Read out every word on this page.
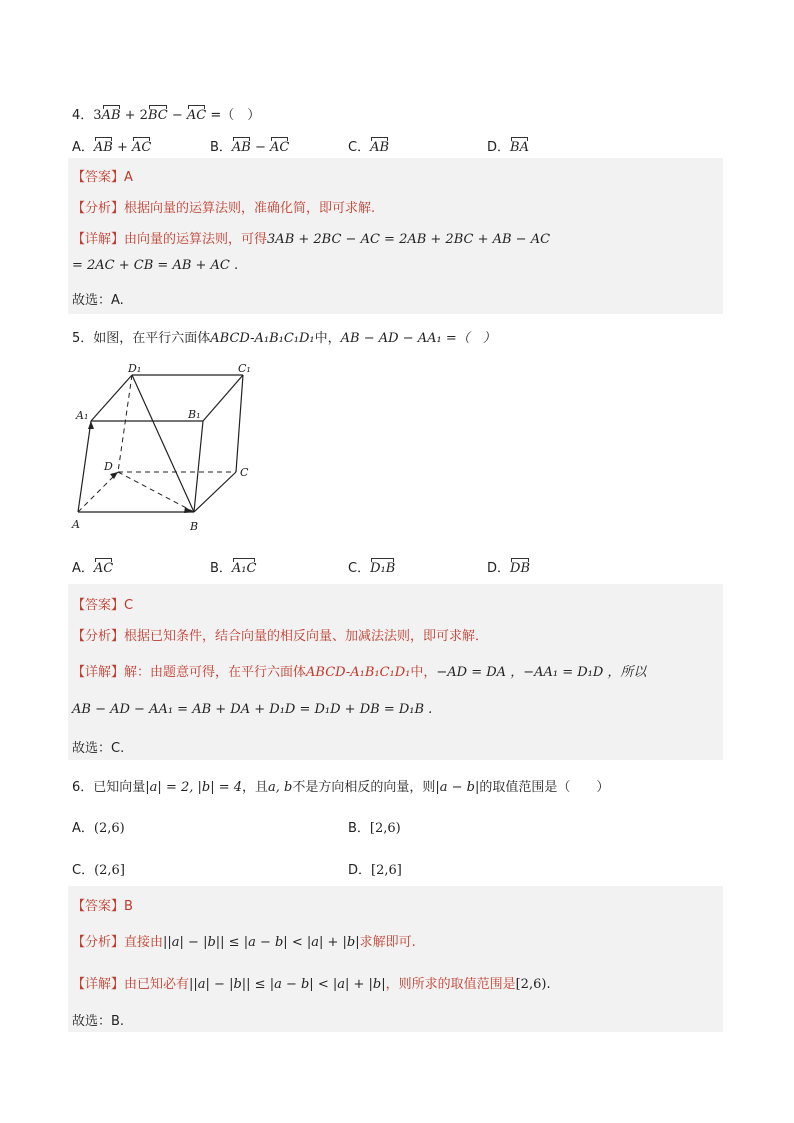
4．3AB + 2BC − AC =（　）
A．AB + AC	B．AB − AC	C．AB	D．BA
【答案】A
【分析】根据向量的运算法则，准确化简，即可求解.
【详解】由向量的运算法则，可得3AB + 2BC − AC = 2AB + 2BC + AB − AC
= 2AC + CB = AB + AC .
故选：A.
5．如图，在平行六面体ABCD-A₁B₁C₁D₁中，AB − AD − AA₁ =（　）
D₁	C₁
A₁	B₁
D	C
A	B
A．AC	B．A₁C	C．D₁B	D．DB
【答案】C
【分析】根据已知条件，结合向量的相反向量、加减法法则，即可求解．
【详解】解：由题意可得，在平行六面体ABCD-A₁B₁C₁D₁中，−AD = DA ，−AA₁ = D₁D ，所以
AB − AD − AA₁ = AB + DA + D₁D = D₁D + DB = D₁B .
故选：C.
6．已知向量|a| = 2, |b| = 4，且a, b不是方向相反的向量，则|a − b|的取值范围是（　　）
A．(2,6)	B．[2,6)
C．(2,6]	D．[2,6]
【答案】B
【分析】直接由||a| − |b|| ≤ |a − b| < |a| + |b|求解即可.
【详解】由已知必有||a| − |b|| ≤ |a − b| < |a| + |b|，则所求的取值范围是[2,6).
故选：B.
